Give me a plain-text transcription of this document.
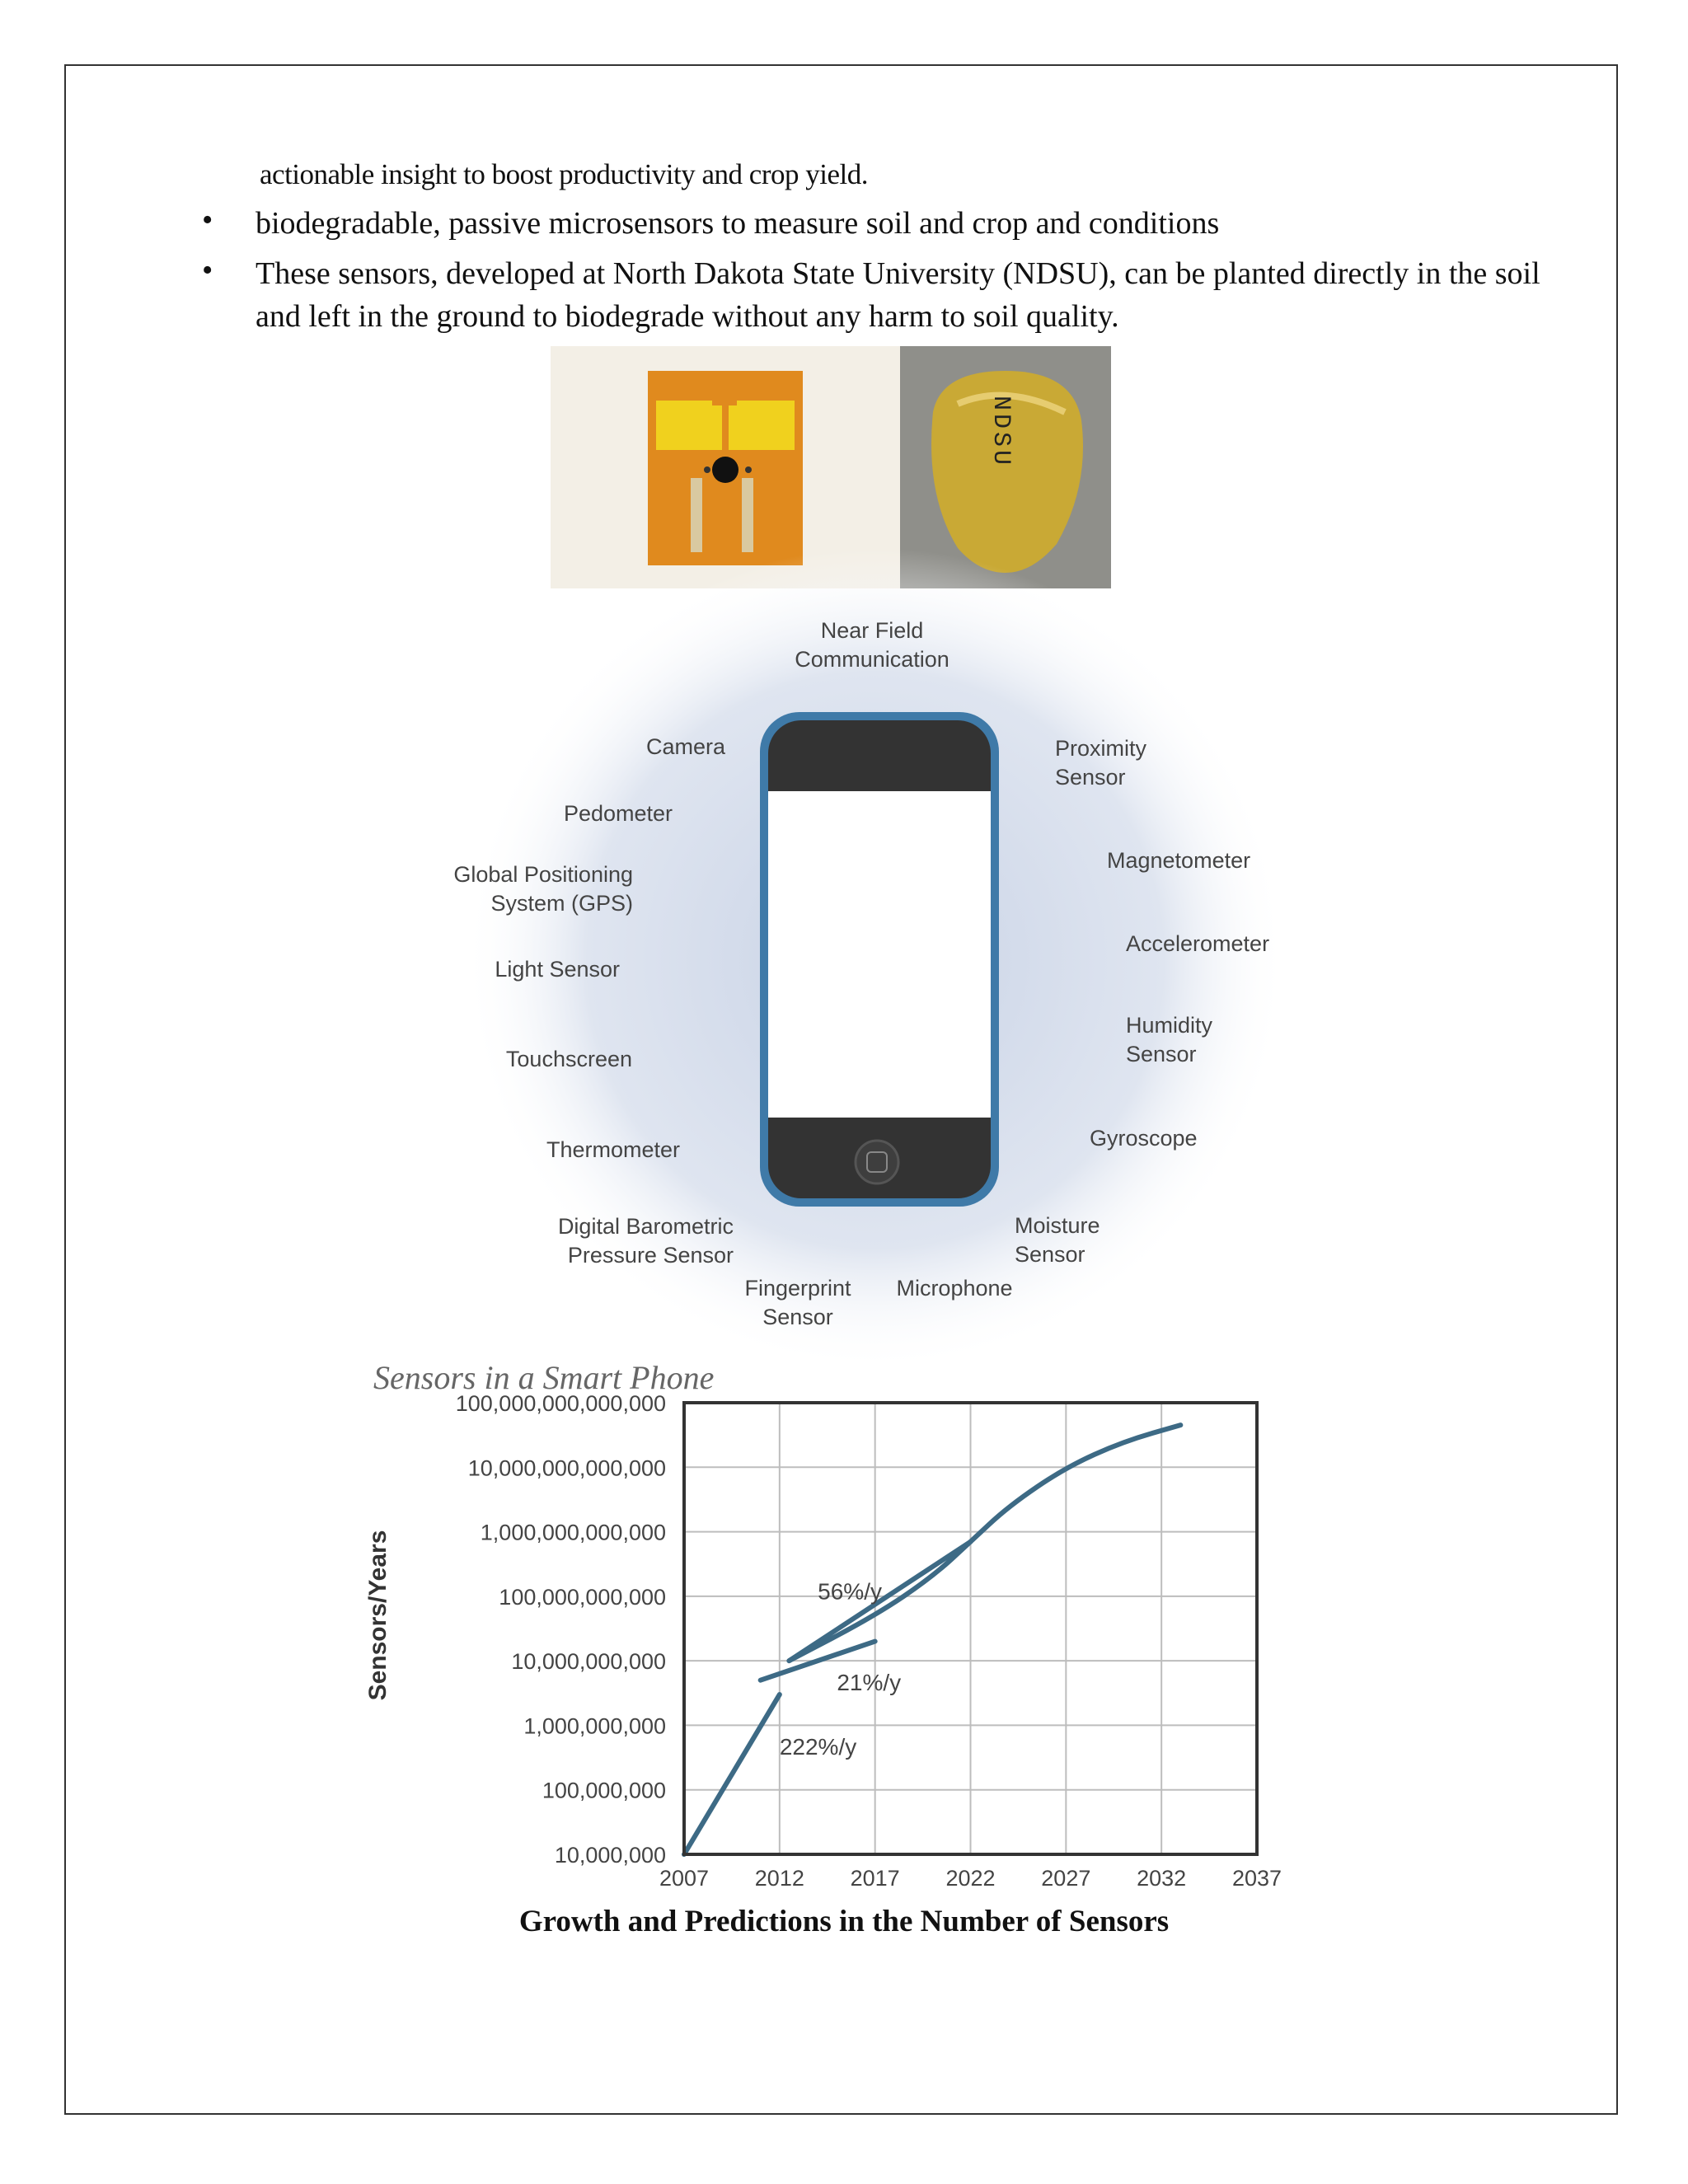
actionable insight to boost productivity and crop yield.
• biodegradable, passive microsensors to measure soil and crop and conditions
• These sensors, developed at North Dakota State University (NDSU), can be planted directly in the soil and left in the ground to biodegrade without any harm to soil quality.
NDSU
Near Field
Communication
Camera
Pedometer
Global Positioning
System (GPS)
Light Sensor
Touchscreen
Thermometer
Digital Barometric
Pressure Sensor
Fingerprint
Sensor
Microphone
Proximity
Sensor
Magnetometer
Accelerometer
Humidity
Sensor
Gyroscope
Moisture
Sensor
Sensors in a Smart Phone
2007 2012 2017 2022 2027 2032 2037
100,000,000,000,000
10,000,000,000,000
1,000,000,000,000
100,000,000,000
10,000,000,000
1,000,000,000
100,000,000
10,000,000
56%/y
21%/y
222%/y
Sensors/Years
Growth and Predictions in the Number of Sensors
